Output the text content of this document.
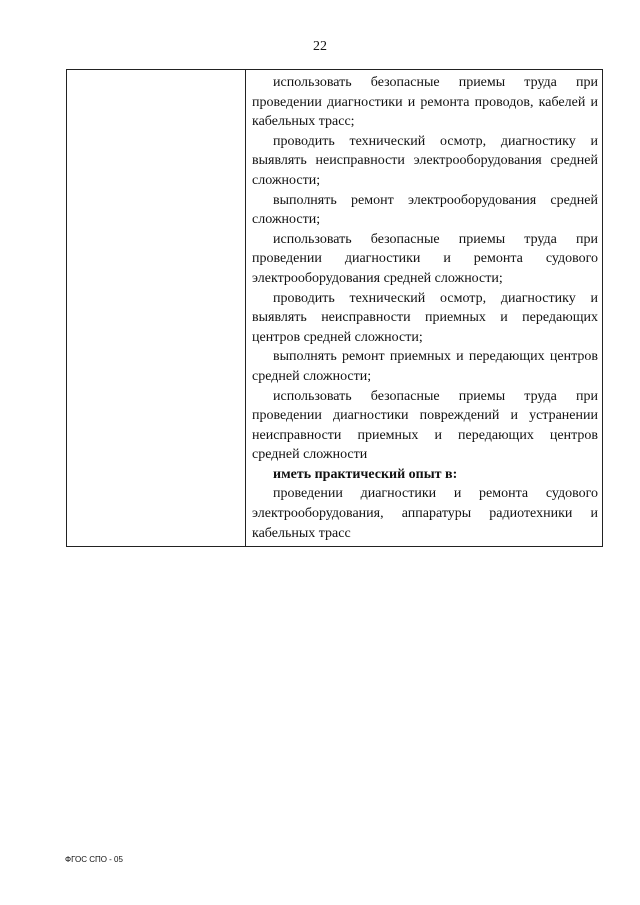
22

использовать безопасные приемы труда при проведении диагностики и ремонта проводов, кабелей и кабельных трасс;

проводить технический осмотр, диагностику и выявлять неисправности электрооборудования средней сложности;

выполнять ремонт электрооборудования средней сложности;

использовать безопасные приемы труда при проведении диагностики и ремонта судового электрооборудования средней сложности;

проводить технический осмотр, диагностику и выявлять неисправности приемных и передающих центров средней сложности;

выполнять ремонт приемных и передающих центров средней сложности;

использовать безопасные приемы труда при проведении диагностики повреждений и устранении неисправности приемных и передающих центров средней сложности

иметь практический опыт в:

проведении диагностики и ремонта судового электрооборудования, аппаратуры радиотехники и кабельных трасс

ФГОС СПО - 05
